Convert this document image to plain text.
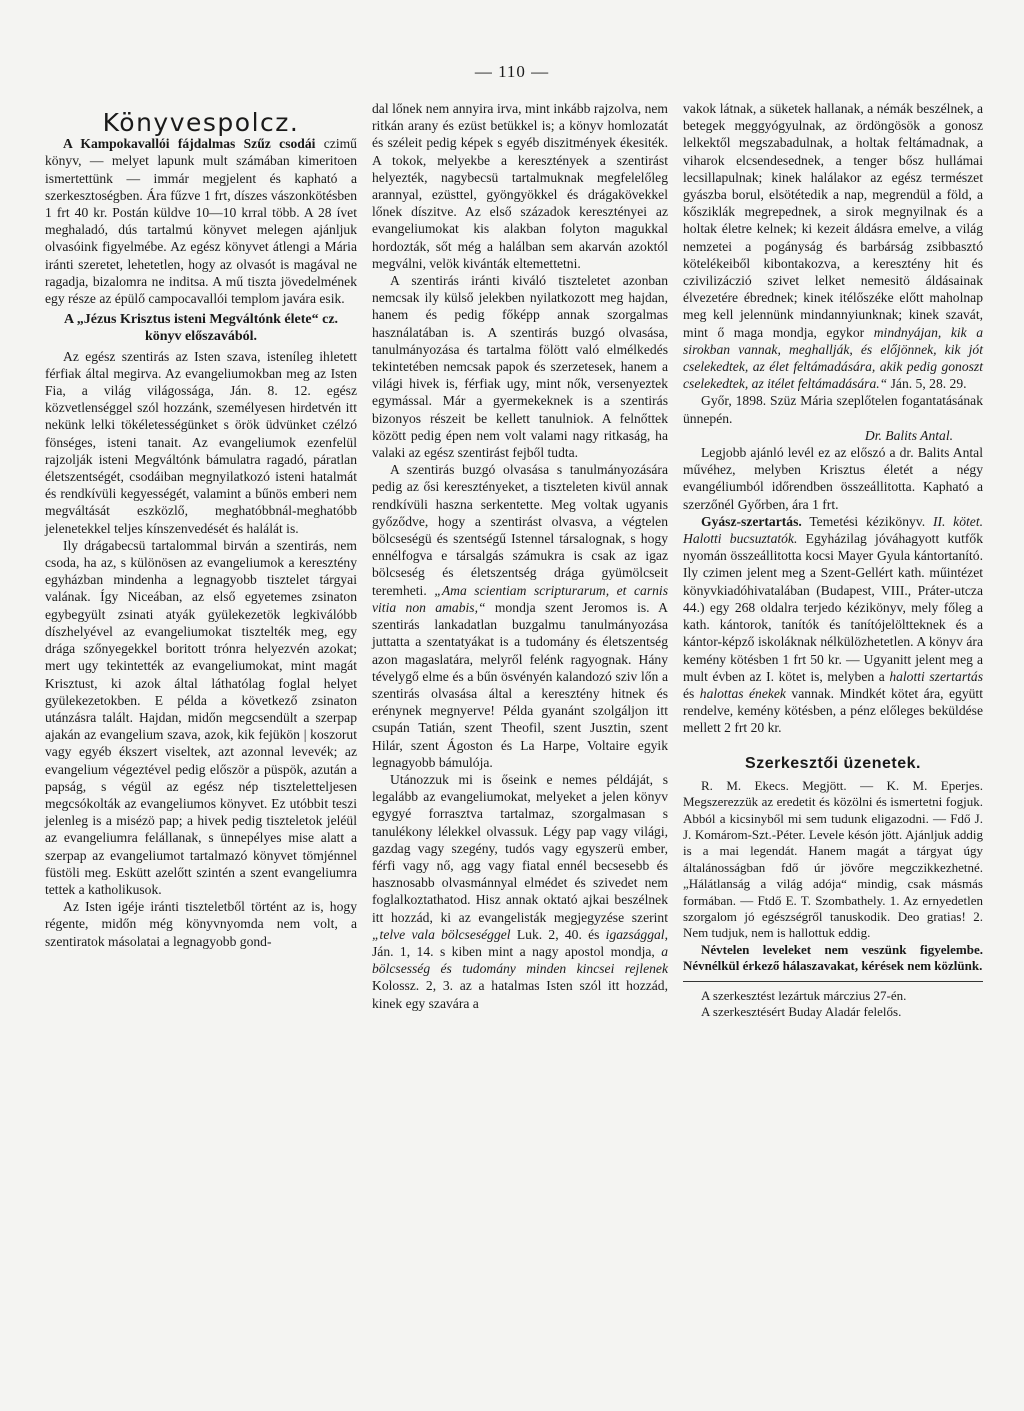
— 110 —
Könyvespolcz.

A Kampokavallói fájdalmas Szűz csodái czimű könyv, — melyet lapunk mult számában kimeritoen ismertettünk — immár megjelent és kapható a szerkesztoségben. Ára fűzve 1 frt, díszes vászonkötésben 1 frt 40 kr. Postán küldve 10—10 krral több. A 28 ívet meghaladó, dús tartalmú könyvet melegen ajánljuk olvasóink figyelmébe. Az egész könyvet átlengi a Mária iránti szeretet, lehetetlen, hogy az olvasót is magával ne ragadja, bizalomra ne inditsa. A mű tiszta jövedelmének egy része az épülő campocavallói templom javára esik.

A „Jézus Krisztus isteni Megváltónk élete“ cz. könyv előszavából.

Az egész szentirás az Isten szava, isteníleg ihletett férfiak által megirva. Az evangeliumokban meg az Isten Fia, a világ világossága, Ján. 8. 12. egész közvetlenséggel szól hozzánk, személyesen hirdetvén itt nekünk lelki tökéletességünket s örök üdvünket czélzó fönséges, isteni tanait. Az evangeliumok ezenfelül rajzolják isteni Megváltónk bámulatra ragadó, páratlan életszentségét, csodáiban megnyilatkozó isteni hatalmát és rendkívüli kegyességét, valamint a bűnös emberi nem megváltását eszközlő, meghatóbbnál-meghatóbb jelenetekkel teljes kínszenvedését és halálát is.

Ily drágabecsü tartalommal birván a szentirás, nem csoda, ha az, s különösen az evangeliumok a keresztény egyházban mindenha a legnagyobb tisztelet tárgyai valának. Így Niceában, az első egyetemes zsinaton egybegyült zsinati atyák gyülekezetök legkiválóbb díszhelyével az evangeliumokat tisztelték meg, egy drága szőnyegekkel boritott trónra helyezvén azokat; mert ugy tekintették az evangeliumokat, mint magát Krisztust, ki azok által láthatólag foglal helyet gyülekezetokben. E példa a következő zsinaton utánzásra talált. Hajdan, midőn megcsendült a szerpap ajakán az evangelium szava, azok, kik fejükön | koszorut vagy egyéb ékszert viseltek, azt azonnal levevék; az evangelium végeztével pedig először a püspök, azután a papság, s végül az egész nép tiszteletteljesen megcsókolták az evangeliumos könyvet. Ez utóbbit teszi jelenleg is a misézö pap; a hivek pedig tiszteletok jeléül az evangeliumra felállanak, s ünnepélyes mise alatt a szerpap az evangeliumot tartalmazó könyvet tömjénnel füstöli meg. Eskütt azelőtt szintén a szent evangeliumra tettek a katholikusok.

Az Isten igéje iránti tiszteletből történt az is, hogy régente, midőn még könyvnyomda nem volt, a szentiratok másolatai a legnagyobb gond-

dal lőnek nem annyira irva, mint inkább rajzolva, nem ritkán arany és ezüst betükkel is; a könyv homlozatát és széleit pedig képek s egyéb diszitmények ékesiték. A tokok, melyekbe a keresztények a szentirást helyezték, nagybecsü tartalmuknak megfelelőleg arannyal, ezüsttel, gyöngyökkel és drágakövekkel lőnek díszitve. Az első századok keresztényei az evangeliumokat kis alakban folyton magukkal hordozták, sőt még a halálban sem akarván azoktól megválni, velök kivánták eltemettetni.

A szentirás iránti kiváló tiszteletet azonban nemcsak ily külső jelekben nyilatkozott meg hajdan, hanem és pedig főképp annak szorgalmas használatában is. A szentirás buzgó olvasása, tanulmányozása és tartalma fölött való elmélkedés tekintetében nemcsak papok és szerzetesek, hanem a világi hivek is, férfiak ugy, mint nők, versenyeztek egymással. Már a gyermekeknek is a szentirás bizonyos részeit be kellett tanulniok. A felnőttek között pedig épen nem volt valami nagy ritkaság, ha valaki az egész szentirást fejből tudta.

A szentirás buzgó olvasása s tanulmányozására pedig az ősi keresztényeket, a tiszteleten kivül annak rendkívüli haszna serkentette. Meg voltak ugyanis győződve, hogy a szentirást olvasva, a végtelen bölcseségü és szentségű Istennel társalognak, s hogy ennélfogva e társalgás számukra is csak az igaz bölcseség és életszentség drága gyümölcseit teremheti. „Ama scientiam scripturarum, et carnis vitia non amabis,“ mondja szent Jeromos is. A szentirás lankadatlan buzgalmu tanulmányozása juttatta a szentatyákat is a tudomány és életszentség azon magaslatára, melyről felénk ragyognak. Hány tévelygő elme és a bűn ösvényén kalandozó sziv lőn a szentirás olvasása által a keresztény hitnek és erénynek megnyerve! Példa gyanánt szolgáljon itt csupán Tatián, szent Theofil, szent Jusztin, szent Hilár, szent Ágoston és La Harpe, Voltaire egyik legnagyobb bámulója.

Utánozzuk mi is őseink e nemes példáját, s legalább az evangeliumokat, melyeket a jelen könyv egygyé forrasztva tartalmaz, szorgalmasan s tanulékony lélekkel olvassuk. Légy pap vagy világi, gazdag vagy szegény, tudós vagy egyszerü ember, férfi vagy nő, agg vagy fiatal ennél becsesebb és hasznosabb olvasmánnyal elmédet és szivedet nem foglalkoztathatod. Hisz annak oktató ajkai beszélnek itt hozzád, ki az evangelisták megjegyzése szerint „telve vala bölcseséggel Luk. 2, 40. és igazsággal, Ján. 1, 14. s kiben mint a nagy apostol mondja, a bölcsesség és tudomány minden kincsei rejlenek Kolossz. 2, 3. az a hatalmas Isten szól itt hozzád, kinek egy szavára a

vakok látnak, a süketek hallanak, a némák beszélnek, a betegek meggyógyulnak, az ördöngösök a gonosz lelkektől megszabadulnak, a holtak feltámadnak, a viharok elcsendesednek, a tenger bősz hullámai lecsillapulnak; kinek halálakor az egész természet gyászba borul, elsötétedik a nap, megrendül a föld, a kősziklák megrepednek, a sirok megnyilnak és a holtak életre kelnek; ki kezeit áldásra emelve, a világ nemzetei a pogányság és barbárság zsibbasztó kötelékeiből kibontakozva, a keresztény hit és czivilizáczió szivet lelket nemesitö áldásainak élvezetére ébrednek; kinek itélőszéke előtt maholnap meg kell jelennünk mindannyiunknak; kinek szavát, mint ő maga mondja, egykor mindnyájan, kik a sirokban vannak, meghallják, és előjönnek, kik jót cselekedtek, az élet feltámadására, akik pedig gonoszt cselekedtek, az itélet feltámadására.“ Ján. 5, 28. 29.

Győr, 1898. Szüz Mária szeplőtelen fogantatásának ünnepén.

Dr. Balits Antal.

Legjobb ajánló levél ez az előszó a dr. Balits Antal művéhez, melyben Krisztus életét a négy evangéliumból időrendben összeállitotta. Kapható a szerzőnél Győrben, ára 1 frt.

Gyász-szertartás. Temetési kézikönyv. II. kötet. Halotti bucsuztatók. Egyházilag jóváhagyott kutfők nyomán összeállitotta kocsi Mayer Gyula kántortanító. Ily czimen jelent meg a Szent-Gellért kath. műintézet könyvkiadóhivatalában (Budapest, VIII., Práter-utcza 44.) egy 268 oldalra terjedo kézikönyv, mely főleg a kath. kántorok, tanítók és tanítójelöltteknek és a kántor-képző iskoláknak nélkülözhetetlen. A könyv ára kemény kötésben 1 frt 50 kr. — Ugyanitt jelent meg a mult évben az I. kötet is, melyben a halotti szertartás és halottas énekek vannak. Mindkét kötet ára, együtt rendelve, kemény kötésben, a pénz előleges beküldése mellett 2 frt 20 kr.

Szerkesztői üzenetek.

R. M. Ekecs. Megjött. — K. M. Eperjes. Megszerezzük az eredetit és közölni és ismertetni fogjuk. Abból a kicsinyből mi sem tudunk eligazodni. — Fdő J. J. Komárom-Szt.-Péter. Levele késón jött. Ajánljuk addig is a mai legendát. Hanem magát a tárgyat úgy általánosságban fdő úr jövőre megczikkezhetné. „Hálátlanság a világ adója“ mindig, csak másmás formában. — Ftdő E. T. Szombathely. 1. Az ernyedetlen szorgalom jó egészségről tanuskodik. Deo gratias! 2. Nem tudjuk, nem is hallottuk eddig.

Névtelen leveleket nem veszünk figyelembe. Névnélkül érkező hálaszavakat, kérések nem közlünk.

A szerkesztést lezártuk márczius 27-én.

A szerkesztésért Buday Aladár felelős.
